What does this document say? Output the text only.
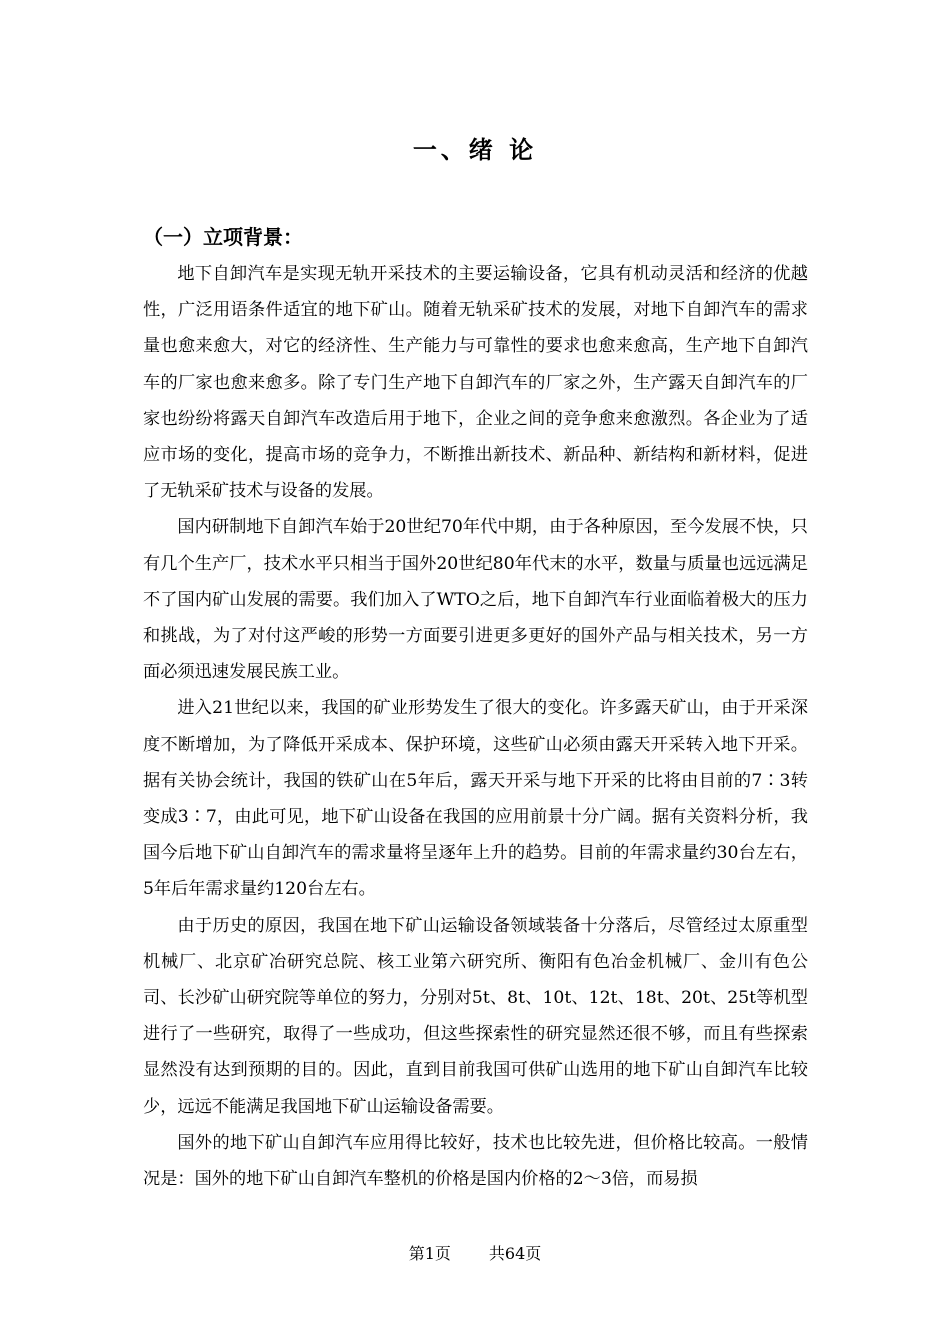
一、绪 论
（一）立项背景：

地下自卸汽车是实现无轨开采技术的主要运输设备，它具有机动灵活和经济的优越性，广泛用语条件适宜的地下矿山。随着无轨采矿技术的发展，对地下自卸汽车的需求量也愈来愈大，对它的经济性、生产能力与可靠性的要求也愈来愈高，生产地下自卸汽车的厂家也愈来愈多。除了专门生产地下自卸汽车的厂家之外，生产露天自卸汽车的厂家也纷纷将露天自卸汽车改造后用于地下，企业之间的竞争愈来愈激烈。各企业为了适应市场的变化，提高市场的竞争力，不断推出新技术、新品种、新结构和新材料，促进了无轨采矿技术与设备的发展。

国内研制地下自卸汽车始于20世纪70年代中期，由于各种原因，至今发展不快，只有几个生产厂，技术水平只相当于国外20世纪80年代末的水平，数量与质量也远远满足不了国内矿山发展的需要。我们加入了WTO之后，地下自卸汽车行业面临着极大的压力和挑战，为了对付这严峻的形势一方面要引进更多更好的国外产品与相关技术，另一方面必须迅速发展民族工业。

进入21世纪以来，我国的矿业形势发生了很大的变化。许多露天矿山，由于开采深度不断增加，为了降低开采成本、保护环境，这些矿山必须由露天开采转入地下开采。据有关协会统计，我国的铁矿山在5年后，露天开采与地下开采的比将由目前的7∶3转变成3∶7，由此可见，地下矿山设备在我国的应用前景十分广阔。据有关资料分析，我国今后地下矿山自卸汽车的需求量将呈逐年上升的趋势。目前的年需求量约30台左右，5年后年需求量约120台左右。

由于历史的原因，我国在地下矿山运输设备领域装备十分落后，尽管经过太原重型机械厂、北京矿冶研究总院、核工业第六研究所、衡阳有色冶金机械厂、金川有色公司、长沙矿山研究院等单位的努力，分别对5t、8t、10t、12t、18t、20t、25t等机型进行了一些研究，取得了一些成功，但这些探索性的研究显然还很不够，而且有些探索显然没有达到预期的目的。因此，直到目前我国可供矿山选用的地下矿山自卸汽车比较少，远远不能满足我国地下矿山运输设备需要。

国外的地下矿山自卸汽车应用得比较好，技术也比较先进，但价格比较高。一般情况是：国外的地下矿山自卸汽车整机的价格是国内价格的2～3倍，而易损

第1页 共64页
